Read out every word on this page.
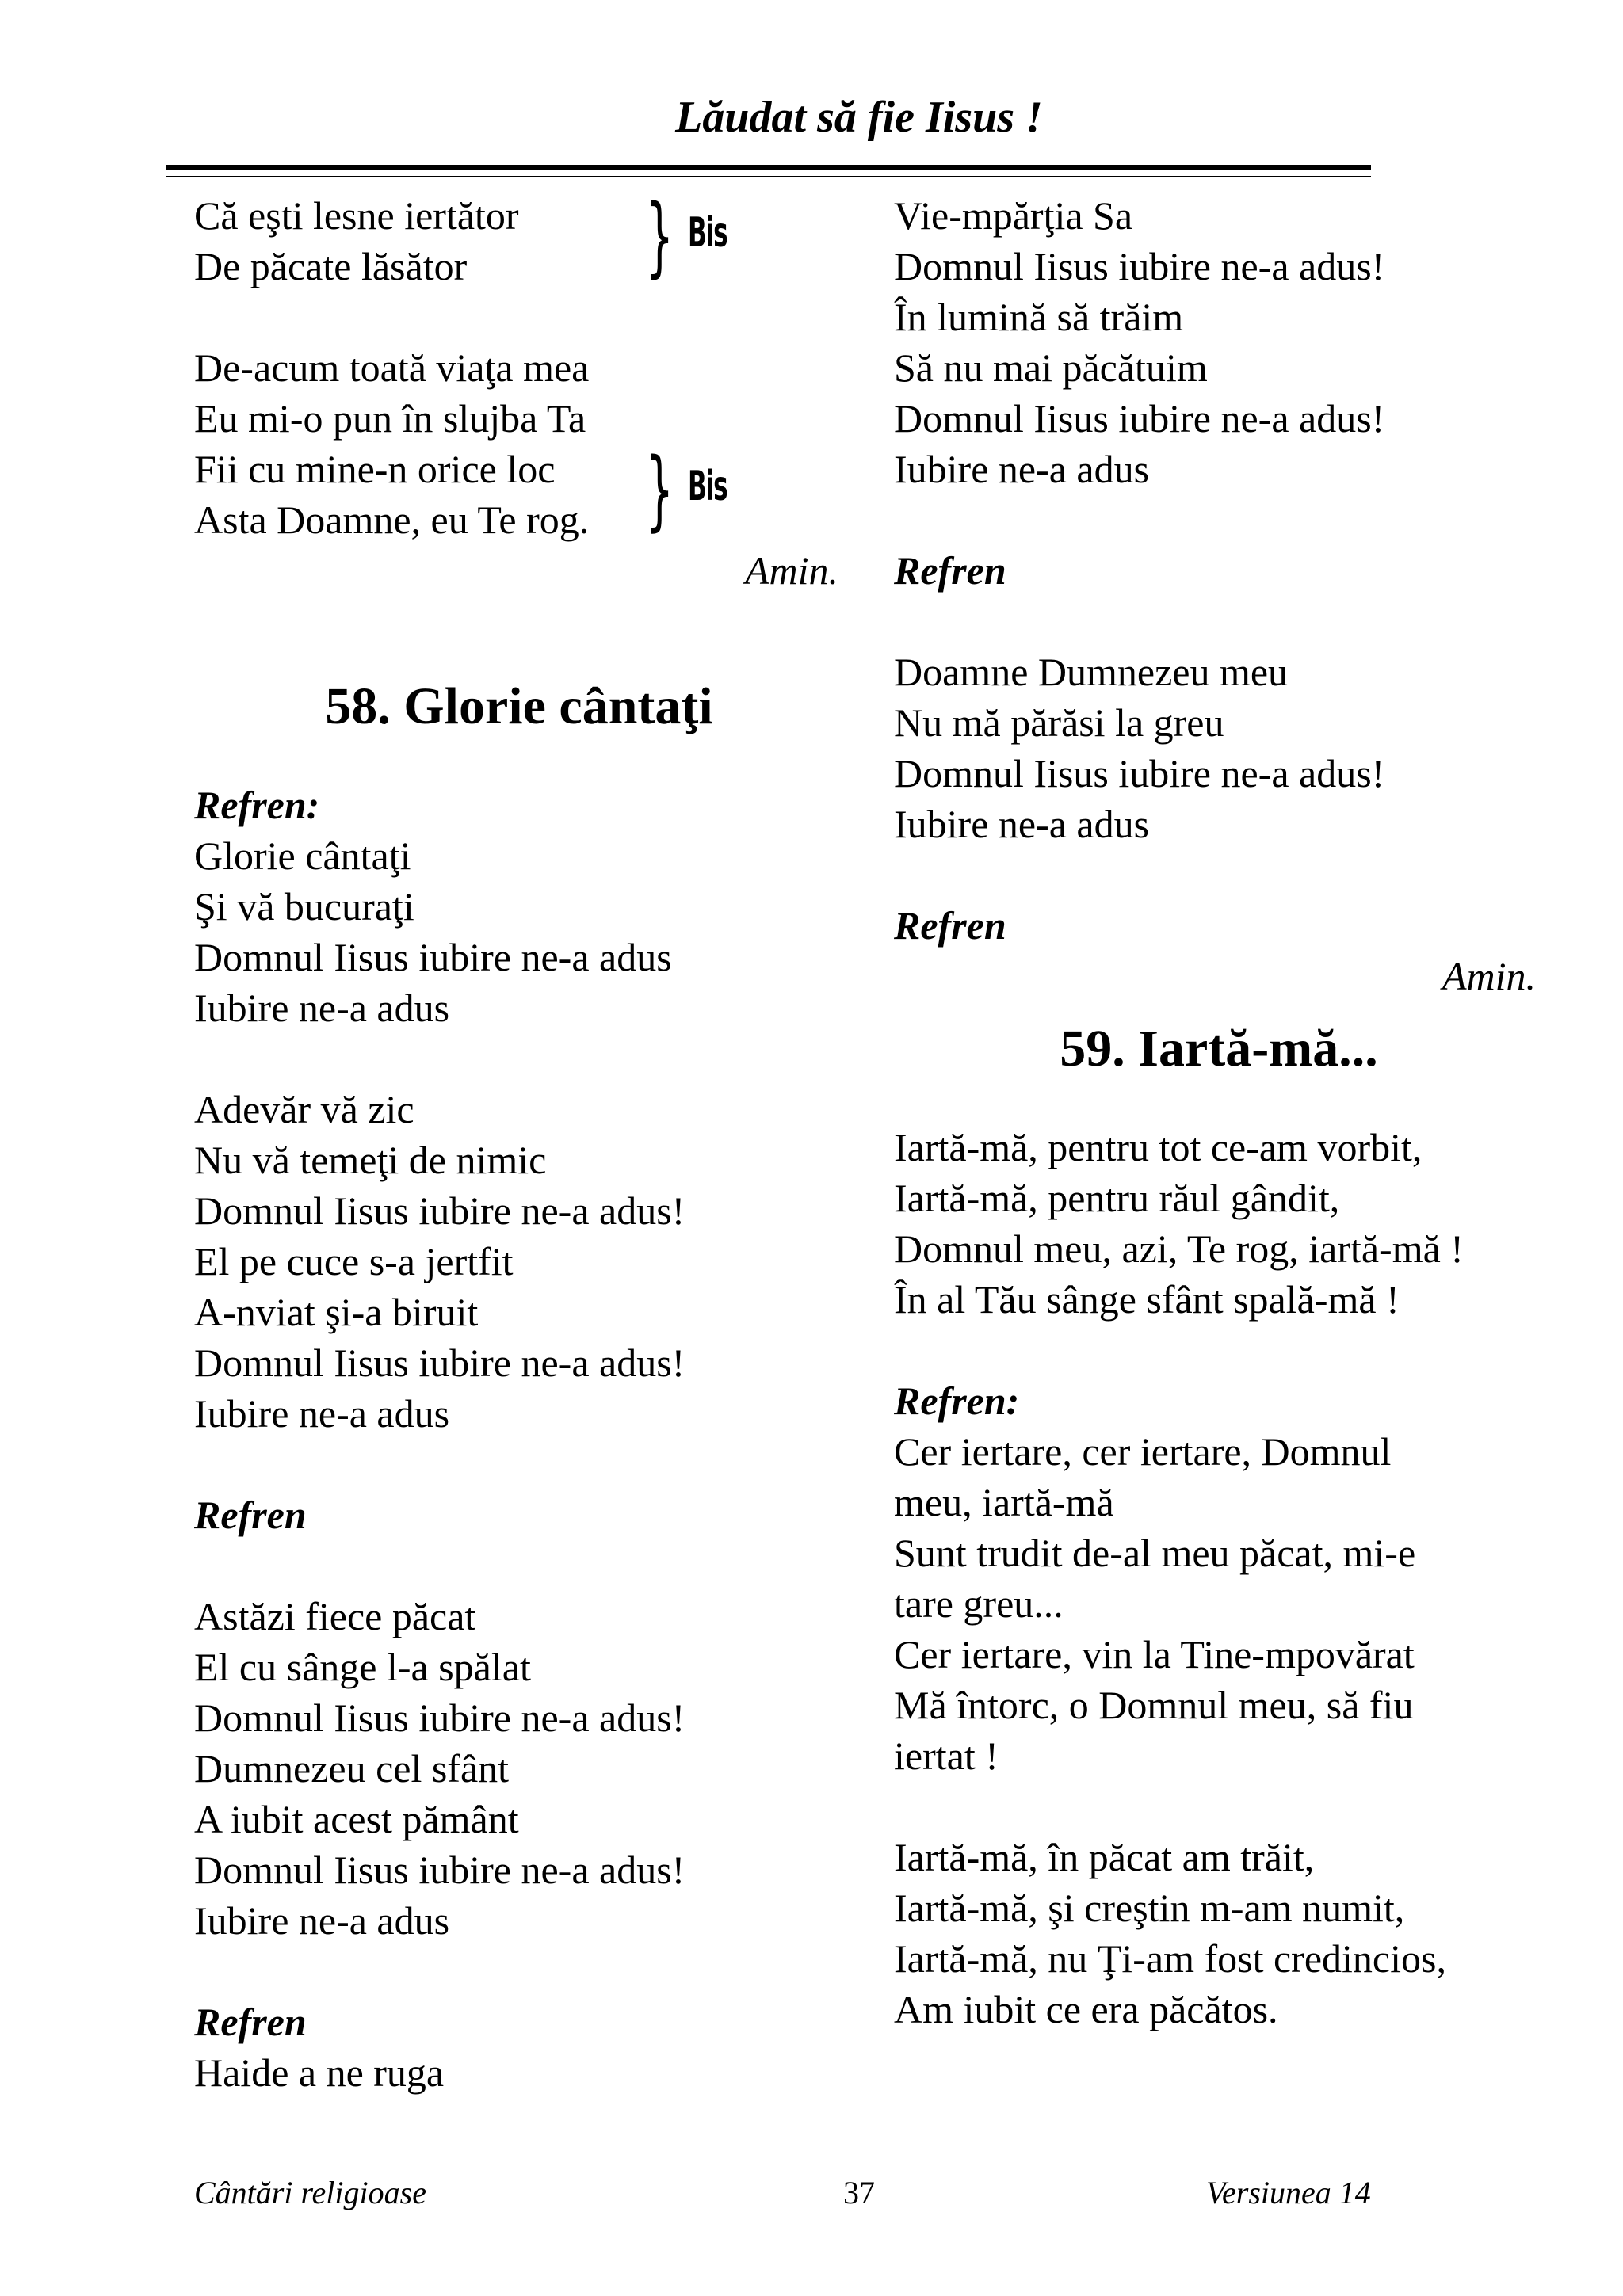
Lăudat să fie Iisus !
Că eşti lesne iertător
De păcate lăsător	} Bis
De-acum toată viaţa mea
Eu mi-o pun în slujba Ta
Fii cu mine-n orice loc
Asta Doamne, eu Te rog. } Bis
Amin.
58. Glorie cântaţi
Refren:
Glorie cântaţi
Şi vă bucuraţi
Domnul Iisus iubire ne-a adus
Iubire ne-a adus
Adevăr vă zic
Nu vă temeţi de nimic
Domnul Iisus iubire ne-a adus!
El pe cuce s-a jertfit
A-nviat şi-a biruit
Domnul Iisus iubire ne-a adus!
Iubire ne-a adus
Refren
Astăzi fiece păcat
El cu sânge l-a spălat
Domnul Iisus iubire ne-a adus!
Dumnezeu cel sfânt
A iubit acest pământ
Domnul Iisus iubire ne-a adus!
Iubire ne-a adus
Refren
Haide a ne ruga
Vie-mpărţia Sa
Domnul Iisus iubire ne-a adus!
În lumină să trăim
Să nu mai păcătuim
Domnul Iisus iubire ne-a adus!
Iubire ne-a adus
Refren
Doamne Dumnezeu meu
Nu mă părăsi la greu
Domnul Iisus iubire ne-a adus!
Iubire ne-a adus
Refren
Amin.
59. Iartă-mă...
Iartă-mă, pentru tot ce-am vorbit,
Iartă-mă, pentru răul gândit,
Domnul meu, azi, Te rog, iartă-mă !
În al Tău sânge sfânt spală-mă !
Refren:
Cer iertare, cer iertare, Domnul
meu, iartă-mă
Sunt trudit de-al meu păcat, mi-e
tare greu...
Cer iertare, vin la Tine-mpovărat
Mă întorc, o Domnul meu, să fiu
iertat !
Iartă-mă, în păcat am trăit,
Iartă-mă, şi creştin m-am numit,
Iartă-mă, nu Ţi-am fost credincios,
Am iubit ce era păcătos.
Cântări religioase	37	Versiunea 14
